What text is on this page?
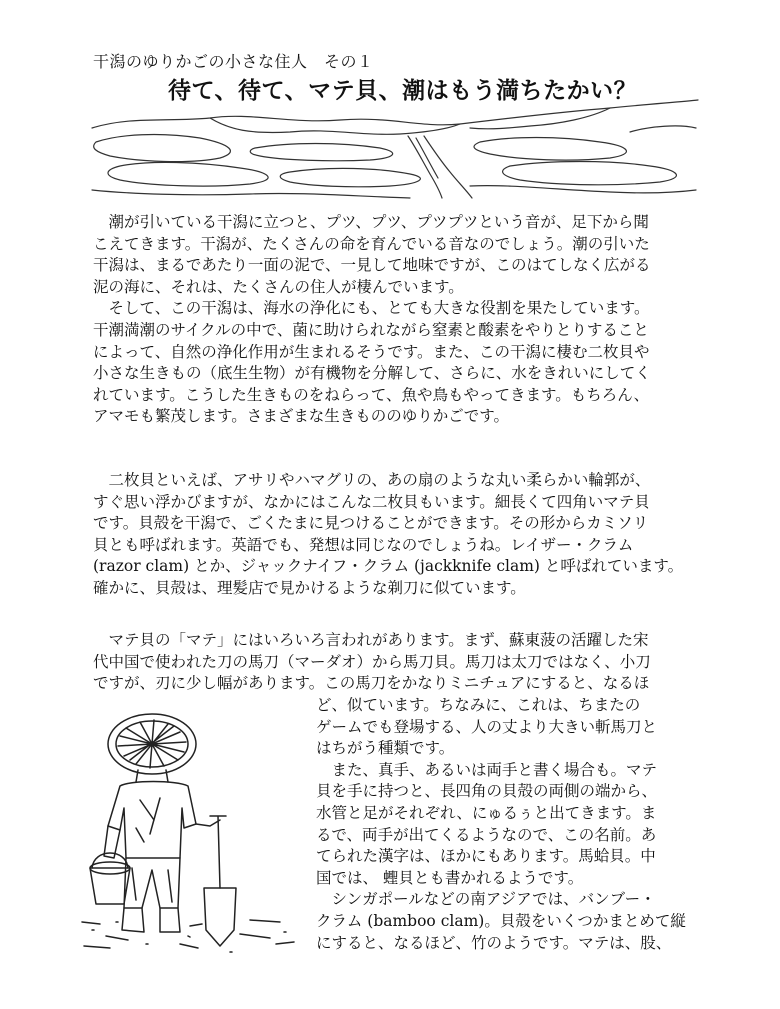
干潟のゆりかごの小さな住人　その１
待て、待て、マテ貝、潮はもう満ちたかい？
　潮が引いている干潟に立つと、プツ、プツ、プツプツという音が、足下から聞
こえてきます。干潟が、たくさんの命を育んでいる音なのでしょう。潮の引いた
干潟は、まるであたり一面の泥で、一見して地味ですが、このはてしなく広がる
泥の海に、それは、たくさんの住人が棲んでいます。
　そして、この干潟は、海水の浄化にも、とても大きな役割を果たしています。
干潮満潮のサイクルの中で、菌に助けられながら窒素と酸素をやりとりすること
によって、自然の浄化作用が生まれるそうです。また、この干潟に棲む二枚貝や
小さな生きもの（底生生物）が有機物を分解して、さらに、水をきれいにしてく
れています。こうした生きものをねらって、魚や鳥もやってきます。もちろん、
アマモも繁茂します。さまざまな生きもののゆりかごです。
　二枚貝といえば、アサリやハマグリの、あの扇のような丸い柔らかい輪郭が、
すぐ思い浮かびますが、なかにはこんな二枚貝もいます。細長くて四角いマテ貝
です。貝殻を干潟で、ごくたまに見つけることができます。その形からカミソリ
貝とも呼ばれます。英語でも、発想は同じなのでしょうね。レイザー・クラム
(razor clam) とか、ジャックナイフ・クラム (jackknife clam) と呼ばれています。
確かに、貝殻は、理髪店で見かけるような剃刀に似ています。
　マテ貝の「マテ」にはいろいろ言われがあります。まず、蘇東菠の活躍した宋
代中国で使われた刀の馬刀（マーダオ）から馬刀貝。馬刀は太刀ではなく、小刀
ですが、刃に少し幅があります。この馬刀をかなりミニチュアにすると、なるほ
ど、似ています。ちなみに、これは、ちまたの
ゲームでも登場する、人の丈より大きい斬馬刀と
はちがう種類です。
　また、真手、あるいは両手と書く場合も。マテ
貝を手に持つと、長四角の貝殻の両側の端から、
水管と足がそれぞれ、にゅるぅと出てきます。ま
るで、両手が出てくるようなので、この名前。あ
てられた漢字は、ほかにもあります。馬蛤貝。中
国では、 蟶貝とも書かれるようです。
　シンガポールなどの南アジアでは、バンブー・
クラム (bamboo clam)。貝殻をいくつかまとめて縦
にすると、なるほど、竹のようです。マテは、股、
